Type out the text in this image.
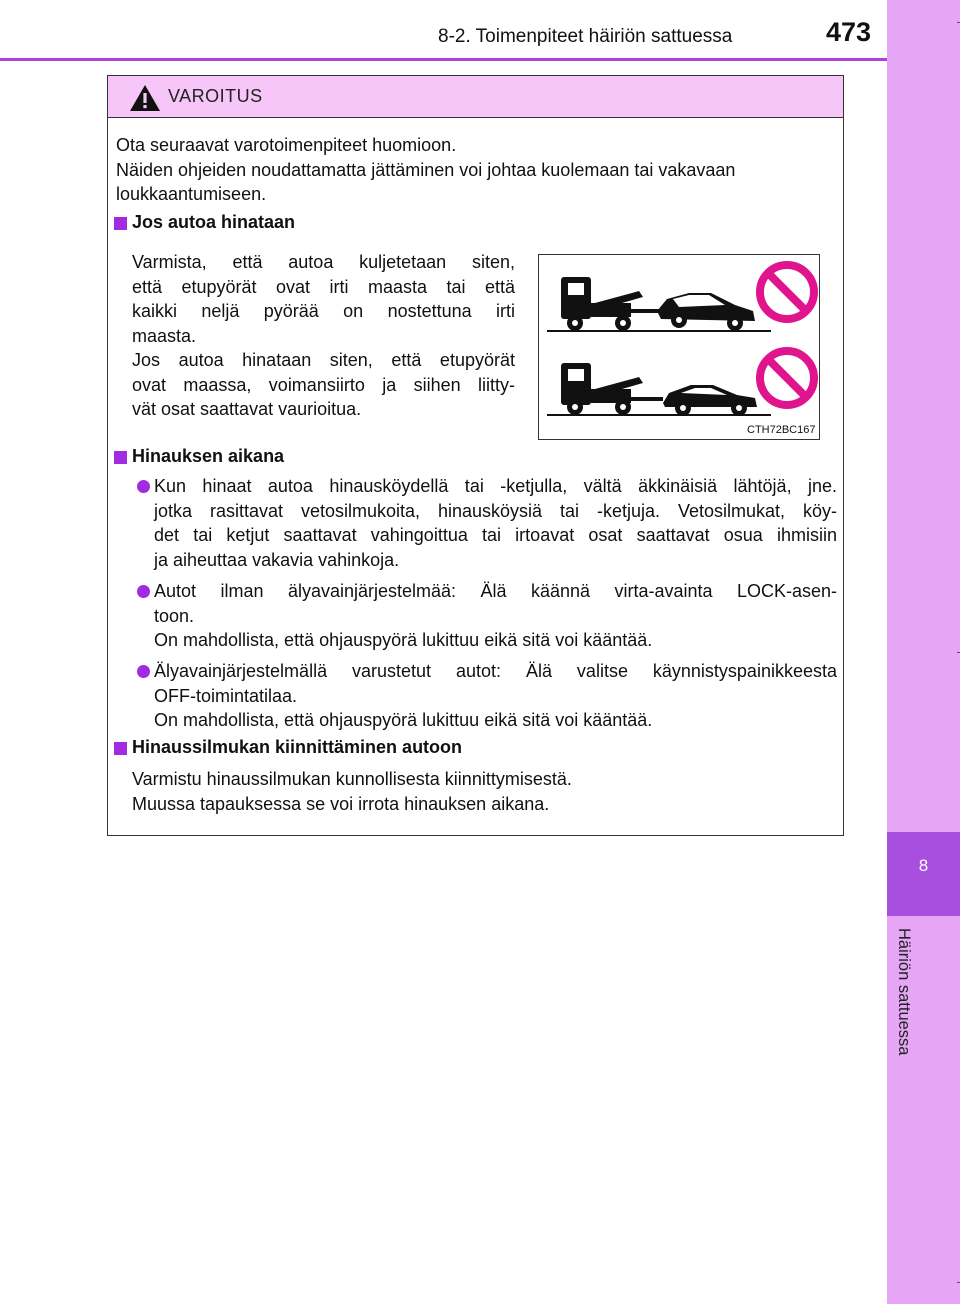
8-2. Toimenpiteet häiriön sattuessa	473
8
Häiriön sattuessa
VAROITUS
Ota seuraavat varotoimenpiteet huomioon.
Näiden ohjeiden noudattamatta jättäminen voi johtaa kuolemaan tai vakavaan
loukkaantumiseen.
Jos autoa hinataan
Varmista, että autoa kuljetetaan siten,
että etupyörät ovat irti maasta tai että
kaikki neljä pyörää on nostettuna irti
maasta.
Jos autoa hinataan siten, että etupyörät
ovat maassa, voimansiirto ja siihen liitty-
vät osat saattavat vaurioitua.
CTH72BC167
Hinauksen aikana
Kun hinaat autoa hinausköydellä tai -ketjulla, vältä äkkinäisiä lähtöjä, jne.
jotka rasittavat vetosilmukoita, hinausköysiä tai -ketjuja. Vetosilmukat, köy-
det tai ketjut saattavat vahingoittua tai irtoavat osat saattavat osua ihmisiin
ja aiheuttaa vakavia vahinkoja.
Autot ilman älyavainjärjestelmää: Älä käännä virta-avainta LOCK-asen-
toon.
On mahdollista, että ohjauspyörä lukittuu eikä sitä voi kääntää.
Älyavainjärjestelmällä varustetut autot: Älä valitse käynnistyspainikkeesta
OFF-toimintatilaa.
On mahdollista, että ohjauspyörä lukittuu eikä sitä voi kääntää.
Hinaussilmukan kiinnittäminen autoon
Varmistu hinaussilmukan kunnollisesta kiinnittymisestä.
Muussa tapauksessa se voi irrota hinauksen aikana.
